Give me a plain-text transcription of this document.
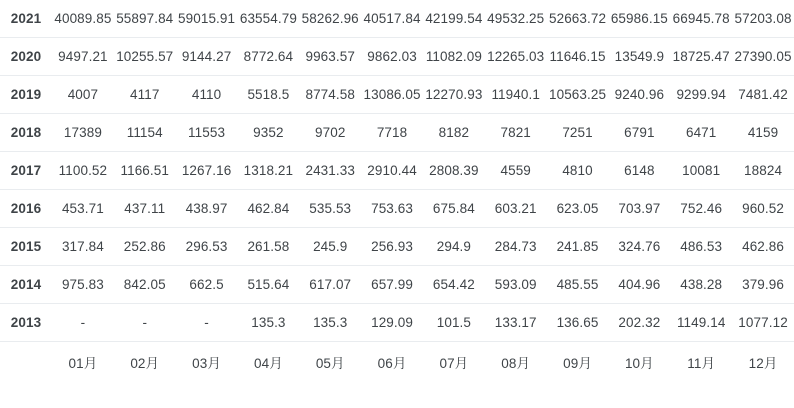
2021	40089.85	55897.84	59015.91	63554.79	58262.96	40517.84	42199.54	49532.25	52663.72	65986.15	66945.78	57203.08
2020	9497.21	10255.57	9144.27	8772.64	9963.57	9862.03	11082.09	12265.03	11646.15	13549.9	18725.47	27390.05
2019	4007	4117	4110	5518.5	8774.58	13086.05	12270.93	11940.1	10563.25	9240.96	9299.94	7481.42
2018	17389	11154	11553	9352	9702	7718	8182	7821	7251	6791	6471	4159
2017	1100.52	1166.51	1267.16	1318.21	2431.33	2910.44	2808.39	4559	4810	6148	10081	18824
2016	453.71	437.11	438.97	462.84	535.53	753.63	675.84	603.21	623.05	703.97	752.46	960.52
2015	317.84	252.86	296.53	261.58	245.9	256.93	294.9	284.73	241.85	324.76	486.53	462.86
2014	975.83	842.05	662.5	515.64	617.07	657.99	654.42	593.09	485.55	404.96	438.28	379.96
2013	-	-	-	135.3	135.3	129.09	101.5	133.17	136.65	202.32	1149.14	1077.12
	01月	02月	03月	04月	05月	06月	07月	08月	09月	10月	11月	12月
